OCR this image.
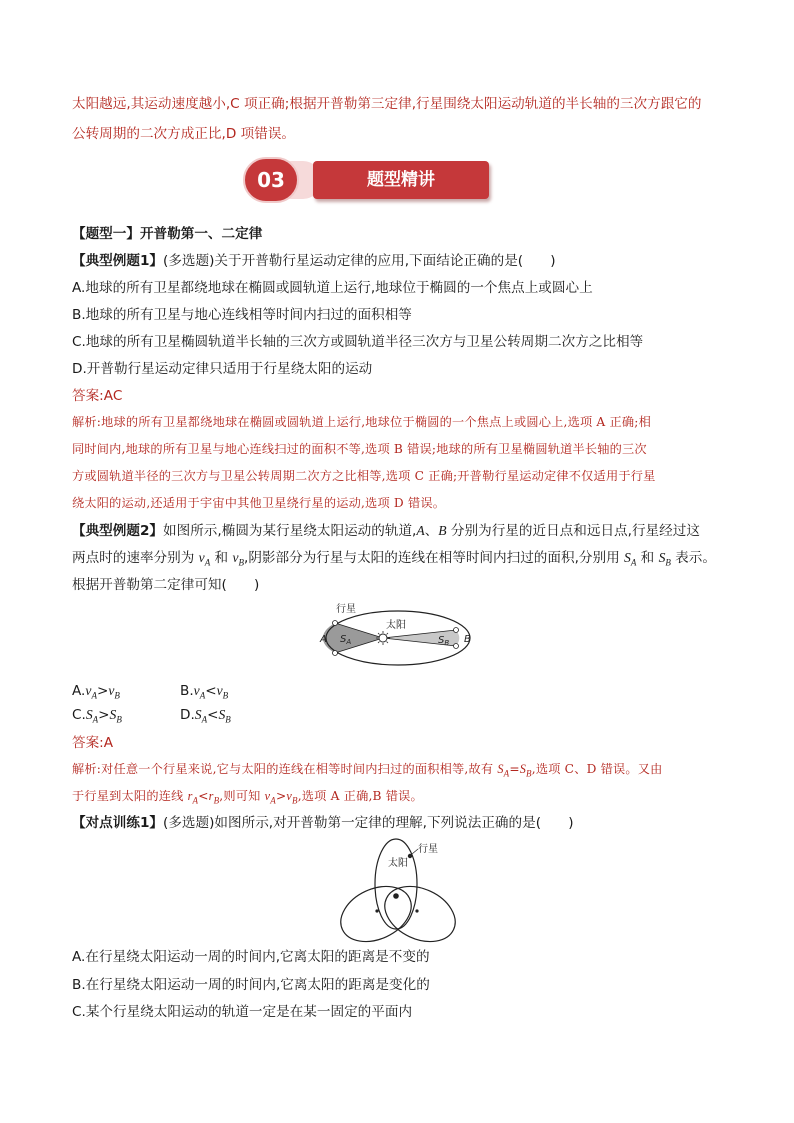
太阳越远,其运动速度越小,C 项正确;根据开普勒第三定律,行星围绕太阳运动轨道的半长轴的三次方跟它的
公转周期的二次方成正比,D 项错误。
03	题型精讲
【题型一】开普勒第一、二定律
【典型例题1】(多选题)关于开普勒行星运动定律的应用,下面结论正确的是(　　)
A.地球的所有卫星都绕地球在椭圆或圆轨道上运行,地球位于椭圆的一个焦点上或圆心上
B.地球的所有卫星与地心连线相等时间内扫过的面积相等
C.地球的所有卫星椭圆轨道半长轴的三次方或圆轨道半径三次方与卫星公转周期二次方之比相等
D.开普勒行星运动定律只适用于行星绕太阳的运动
答案:AC
解析:地球的所有卫星都绕地球在椭圆或圆轨道上运行,地球位于椭圆的一个焦点上或圆心上,选项 A 正确;相
同时间内,地球的所有卫星与地心连线扫过的面积不等,选项 B 错误;地球的所有卫星椭圆轨道半长轴的三次
方或圆轨道半径的三次方与卫星公转周期二次方之比相等,选项 C 正确;开普勒行星运动定律不仅适用于行星
绕太阳的运动,还适用于宇宙中其他卫星绕行星的运动,选项 D 错误。
【典型例题2】如图所示,椭圆为某行星绕太阳运动的轨道,A、B 分别为行星的近日点和远日点,行星经过这
两点时的速率分别为 $v_A$ 和 $v_B$,阴影部分为行星与太阳的连线在相等时间内扫过的面积,分别用 $S_A$ 和 $S_B$ 表示。
根据开普勒第二定律可知(　　)
行星
太阳
A	B
$S_A$	$S_B$
$A.v_A>v_B$	$B.v_A<v_B$
$C.S_A>S_B$	$D.S_A<S_B$
答案:A
解析:对任意一个行星来说,它与太阳的连线在相等时间内扫过的面积相等,故有 $S_A=S_B$,选项 C、D 错误。又由
于行星到太阳的连线 $r_A<r_B$,则可知 $v_A>v_B$,选项 A 正确,B 错误。
【对点训练1】(多选题)如图所示,对开普勒第一定律的理解,下列说法正确的是(　　)
行星
太阳
A.在行星绕太阳运动一周的时间内,它离太阳的距离是不变的
B.在行星绕太阳运动一周的时间内,它离太阳的距离是变化的
C.某个行星绕太阳运动的轨道一定是在某一固定的平面内
